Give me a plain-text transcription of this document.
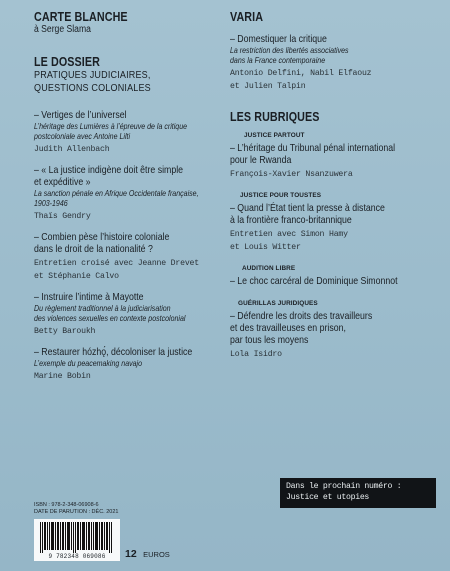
CARTE BLANCHE
à Serge Slama
LE DOSSIER
PRATIQUES JUDICIAIRES,
QUESTIONS COLONIALES
– Vertiges de l’universel
L’héritage des Lumières à l’épreuve de la critique
postcoloniale avec Antoine Lilti
Judith Allenbach
– « La justice indigène doit être simple
et expéditive »
La sanction pénale en Afrique Occidentale française,
1903-1946
Thaïs Gendry
– Combien pèse l’histoire coloniale
dans le droit de la nationalité ?
Entretien croisé avec Jeanne Drevet
et Stéphanie Calvo
– Instruire l’intime à Mayotte
Du règlement traditionnel à la judiciarisation
des violences sexuelles en contexte postcolonial
Betty Baroukh
– Restaurer hózhǫ́, décoloniser la justice
L’exemple du peacemaking navajo
Marine Bobin
VARIA
– Domestiquer la critique
La restriction des libertés associatives
dans la France contemporaine
Antonio Delfini, Nabil Elfaouz
et Julien Talpin
LES RUBRIQUES
JUSTICE PARTOUT
– L’héritage du Tribunal pénal international
pour le Rwanda
François-Xavier Nsanzuwera
JUSTICE POUR TOUSTES
– Quand l’État tient la presse à distance
à la frontière franco-britannique
Entretien avec Simon Hamy
et Louis Witter
AUDITION LIBRE
– Le choc carcéral de Dominique Simonnot
GUÉRILLAS JURIDIQUES
– Défendre les droits des travailleurs
et des travailleuses en prison,
par tous les moyens
Lola Isidro
Dans le prochain numéro :
Justice et utopies
ISBN : 978-2-348-06908-6
DATE DE PARUTION : DÉC. 2021
9 782348 069086	12 EUROS
